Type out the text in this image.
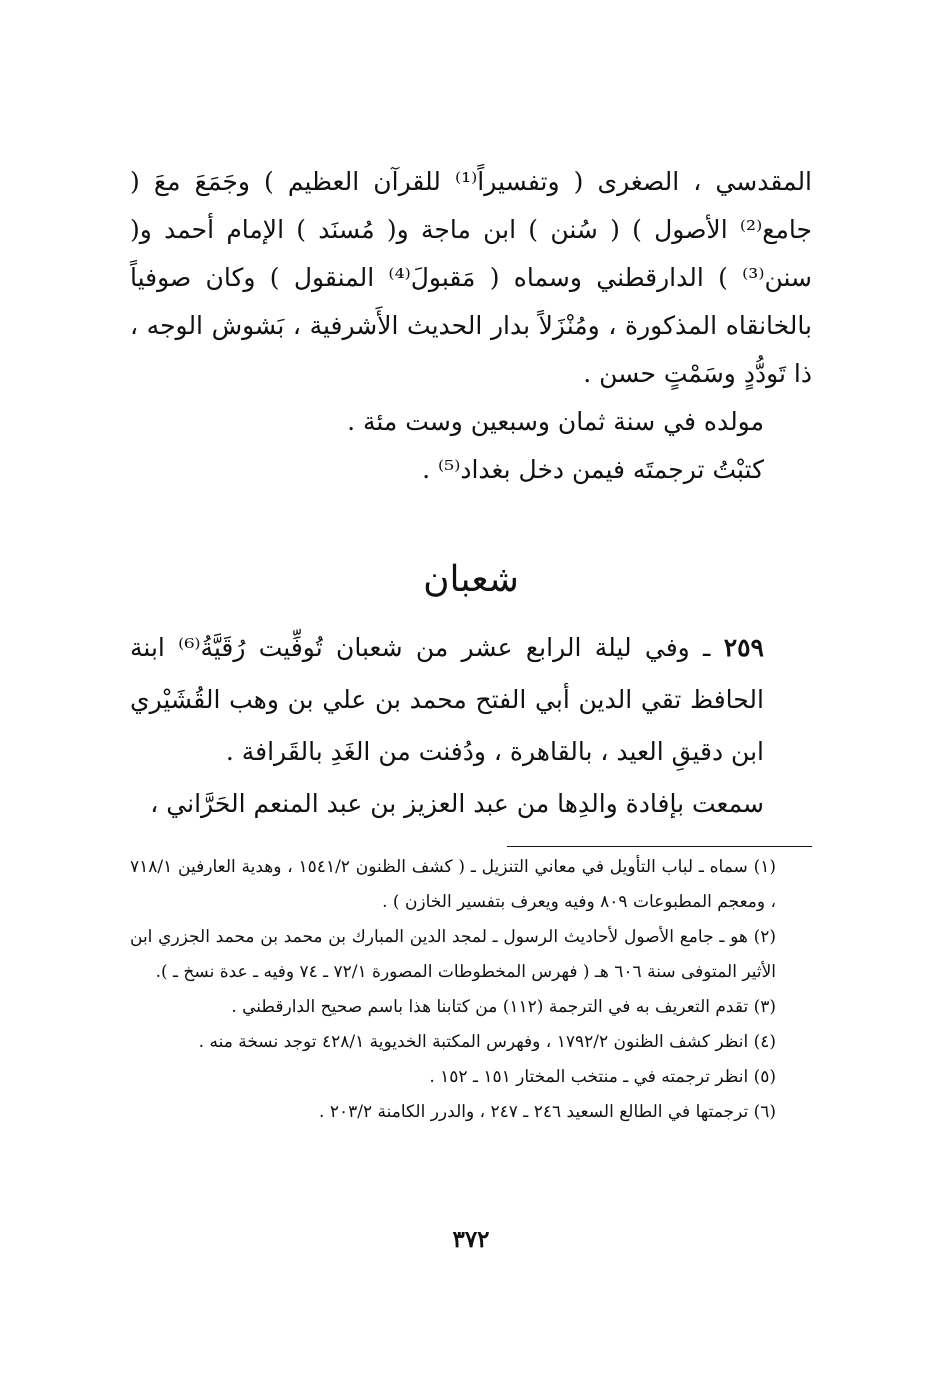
المقدسي ، الصغرى ( وتفسيراً⁽¹⁾ للقرآن العظيم ) وجَمَعَ معَ ( جامع⁽²⁾ الأصول ) ( سُنن ) ابن ماجة و( مُسنَد ) الإمام أحمد و( سنن⁽³⁾ ) الدارقطني وسماه ( مَقبولَ⁽⁴⁾ المنقول ) وكان صوفياً بالخانقاه المذكورة ، ومُنْزَلاً بدار الحديث الأَشرفية ، بَشوش الوجه ، ذا تَودُّدٍ وسَمْتٍ حسن .

مولده في سنة ثمان وسبعين وست مئة .

كتبْتُ ترجمتَه فيمن دخل بغداد⁽⁵⁾ .

شعبان

٢٥٩ ـ وفي ليلة الرابع عشر من شعبان تُوفِّيت رُقَيَّةُ⁽⁶⁾ ابنة الحافظ تقي الدين أبي الفتح محمد بن علي بن وهب القُشَيْري ابن دقيقِ العيد ، بالقاهرة ، ودُفنت من الغَدِ بالقَرافة .

سمعت بإفادة والدِها من عبد العزيز بن عبد المنعم الحَرَّاني ،

(١) سماه ـ لباب التأويل في معاني التنزيل ـ ( كشف الظنون ١٥٤١/٢ ، وهدية العارفين ٧١٨/١ ، ومعجم المطبوعات ٨٠٩ وفيه ويعرف بتفسير الخازن ) .

(٢) هو ـ جامع الأصول لأحاديث الرسول ـ لمجد الدين المبارك بن محمد بن محمد الجزري ابن الأثير المتوفى سنة ٦٠٦ هـ ( فهرس المخطوطات المصورة ٧٢/١ ـ ٧٤ وفيه ـ عدة نسخ ـ ).

(٣) تقدم التعريف به في الترجمة (١١٢) من كتابنا هذا باسم صحيح الدارقطني .

(٤) انظر كشف الظنون ١٧٩٢/٢ ، وفهرس المكتبة الخديوية ٤٢٨/١ توجد نسخة منه .

(٥) انظر ترجمته في ـ منتخب المختار ١٥١ ـ ١٥٢ .

(٦) ترجمتها في الطالع السعيد ٢٤٦ ـ ٢٤٧ ، والدرر الكامنة ٢٠٣/٢ .

٣٧٢
